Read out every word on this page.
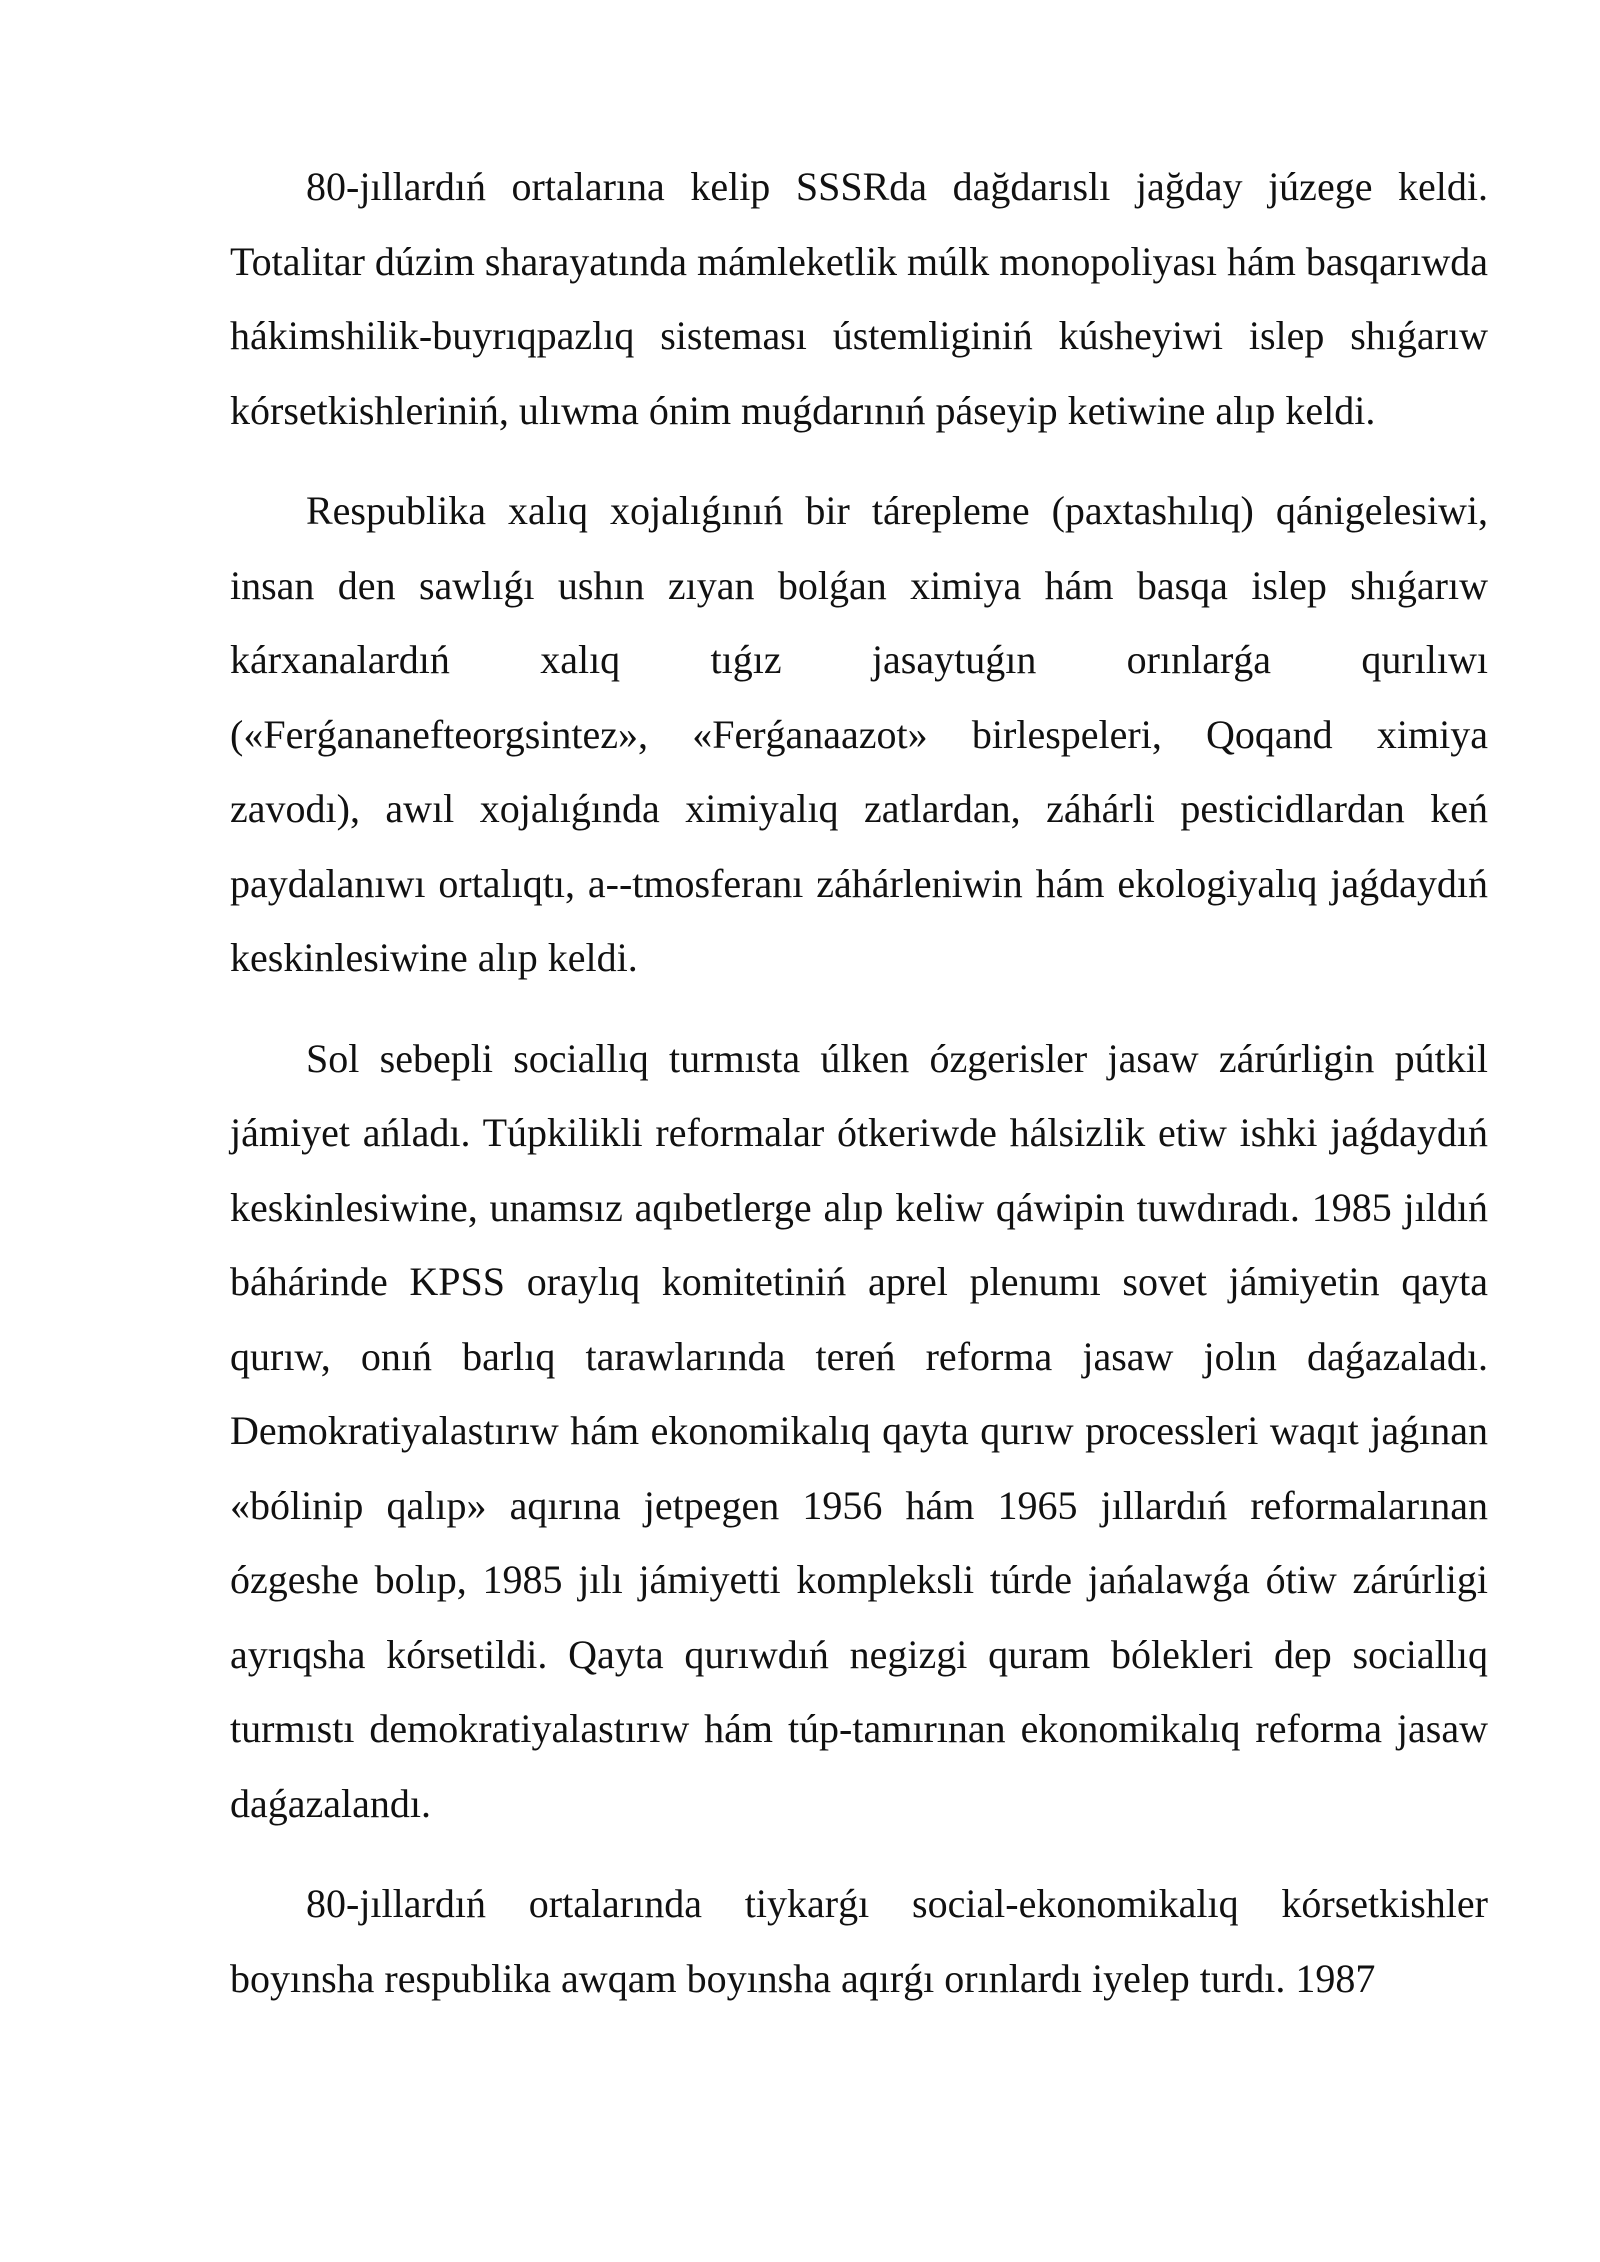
80-jıllardıń ortalarına kelip SSSRda dağdarıslı jağday júzege keldi. Totalitar dúzim sharayatında mámleketlik múlk monopoliyası hám basqarıwda hákimshilik-buyrıqpazlıq sisteması ústemliginiń kúsheyiwi islep shıǵarıw kórsetkishleriniń, ulıwma ónim muǵdarınıń páseyip ketiwine alıp keldi.

Respublika xalıq xojalıǵınıń bir tárepleme (paxtashılıq) qánigelesiwi, insan den sawlıǵı ushın zıyan bolǵan ximiya hám basqa islep shıǵarıw kárxanalardıń xalıq tıǵız jasaytuǵın orınlarǵa qurılıwı («Ferǵananefteorgsintez», «Ferǵanaazot» birlespeleri, Qoqand ximiya zavodı), awıl xojalıǵında ximiyalıq zatlardan, záhárli pesticidlardan keń paydalanıwı ortalıqtı, a--tmosferanı záhárleniwin hám ekologiyalıq jaǵdaydıń keskinlesiwine alıp keldi.

Sol sebepli sociallıq turmısta úlken ózgerisler jasaw zárúrligin pútkil jámiyet ańladı. Túpkilikli reformalar ótkeriwde hálsizlik etiw ishki jaǵdaydıń keskinlesiwine, unamsız aqıbetlerge alıp keliw qáwipin tuwdıradı. 1985 jıldıń báhárinde KPSS oraylıq komitetiniń aprel plenumı sovet jámiyetin qayta qurıw, onıń barlıq tarawlarında tereń reforma jasaw jolın daǵazaladı. Demokratiyalastırıw hám ekonomikalıq qayta qurıw processleri waqıt jaǵınan «bólinip qalıp» aqırına jetpegen 1956 hám 1965 jıllardıń reformalarınan ózgeshe bolıp, 1985 jılı jámiyetti kompleksli túrde jańalawǵa ótiw zárúrligi ayrıqsha kórsetildi. Qayta qurıwdıń negizgi quram bólekleri dep sociallıq turmıstı demokratiyalastırıw hám túp-tamırınan ekonomikalıq reforma jasaw daǵazalandı.

80-jıllardıń ortalarında tiykarǵı social-ekonomikalıq kórsetkishler boyınsha respublika awqam boyınsha aqırǵı orınlardı iyelep turdı. 1987
